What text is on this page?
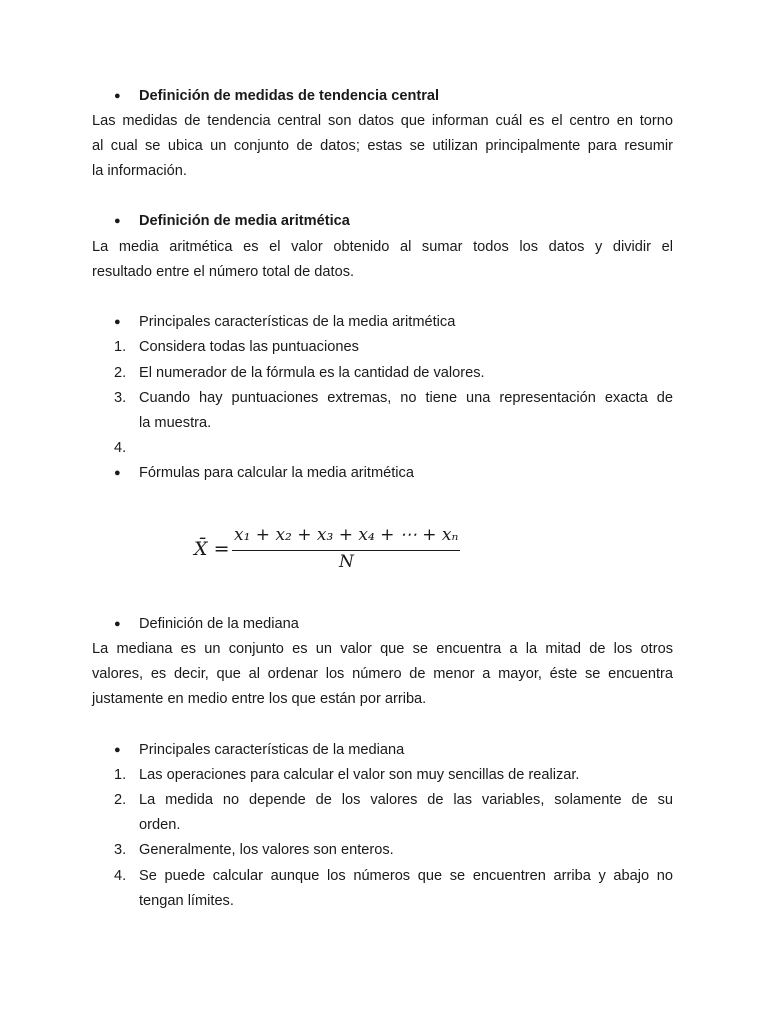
●	Definición de medidas de tendencia central
Las medidas de tendencia central son datos que informan cuál es el centro en torno
al cual se ubica un conjunto de datos; estas se utilizan principalmente para resumir
la información.
●	Definición de media aritmética
La media aritmética es el valor obtenido al sumar todos los datos y dividir el
resultado entre el número total de datos.
●	Principales características de la media aritmética
1. Considera todas las puntuaciones
2. El numerador de la fórmula es la cantidad de valores.
3. Cuando hay puntuaciones extremas, no tiene una representación exacta de
la muestra.
4.
●	Fórmulas para calcular la media aritmética
X̄ =
x₁ + x₂ + x₃ + x₄ + ⋯ + xₙ
N
●	Definición de la mediana
La mediana es un conjunto es un valor que se encuentra a la mitad de los otros
valores, es decir, que al ordenar los número de menor a mayor, éste se encuentra
justamente en medio entre los que están por arriba.
●	Principales características de la mediana
1. Las operaciones para calcular el valor son muy sencillas de realizar.
2. La medida no depende de los valores de las variables, solamente de su
orden.
3. Generalmente, los valores son enteros.
4. Se puede calcular aunque los números que se encuentren arriba y abajo no
tengan límites.
